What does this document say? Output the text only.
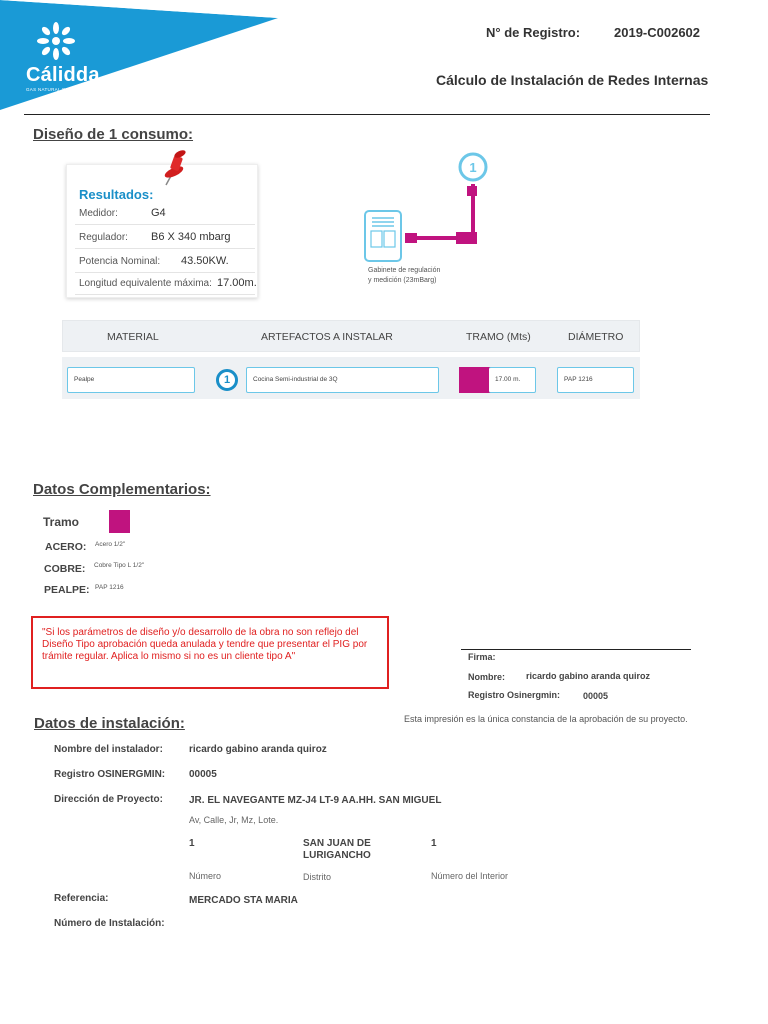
Cálidda
GAS NATURAL DEL PERÚ
N° de Registro:	2019-C002602
Cálculo de Instalación de Redes Internas
Diseño de 1 consumo:
Resultados:
Medidor:	G4
Regulador: B6 X 340 mbarg
Potencia Nominal: 43.50KW.
Longitud equivalente máxima: 17.00m.
1
Gabinete de regulación
y medición (23mBarg)
MATERIAL	ARTEFACTOS A INSTALAR	TRAMO (Mts)	DIÁMETRO
Pealpe	1	Cocina Semi-industrial de 3Q	17.00 m.	PAP 1216
Datos Complementarios:
Tramo
ACERO: Acero 1/2"
COBRE: Cobre Tipo L 1/2"
PEALPE: PAP 1216
"Si los parámetros de diseño y/o desarrollo de la obra no son reflejo del Diseño Tipo aprobación queda anulada y tendre que presentar el PIG por trámite regular. Aplica lo mismo si no es un cliente tipo A"	Firma:
Nombre: ricardo gabino aranda quiroz
Registro Osinergmin:	00005
Esta impresión es la única constancia de la aprobación de su proyecto.
Datos de instalación:
Nombre del instalador:	ricardo gabino aranda quiroz
Registro OSINERGMIN: 00005
Dirección de Proyecto:	JR. EL NAVEGANTE MZ-J4 LT-9 AA.HH. SAN MIGUEL
Av, Calle, Jr, Mz, Lote.
1	SAN JUAN DE
LURIGANCHO
1
Número	Distrito	Número del Interior
Referencia:	MERCADO STA MARIA
Número de Instalación:
